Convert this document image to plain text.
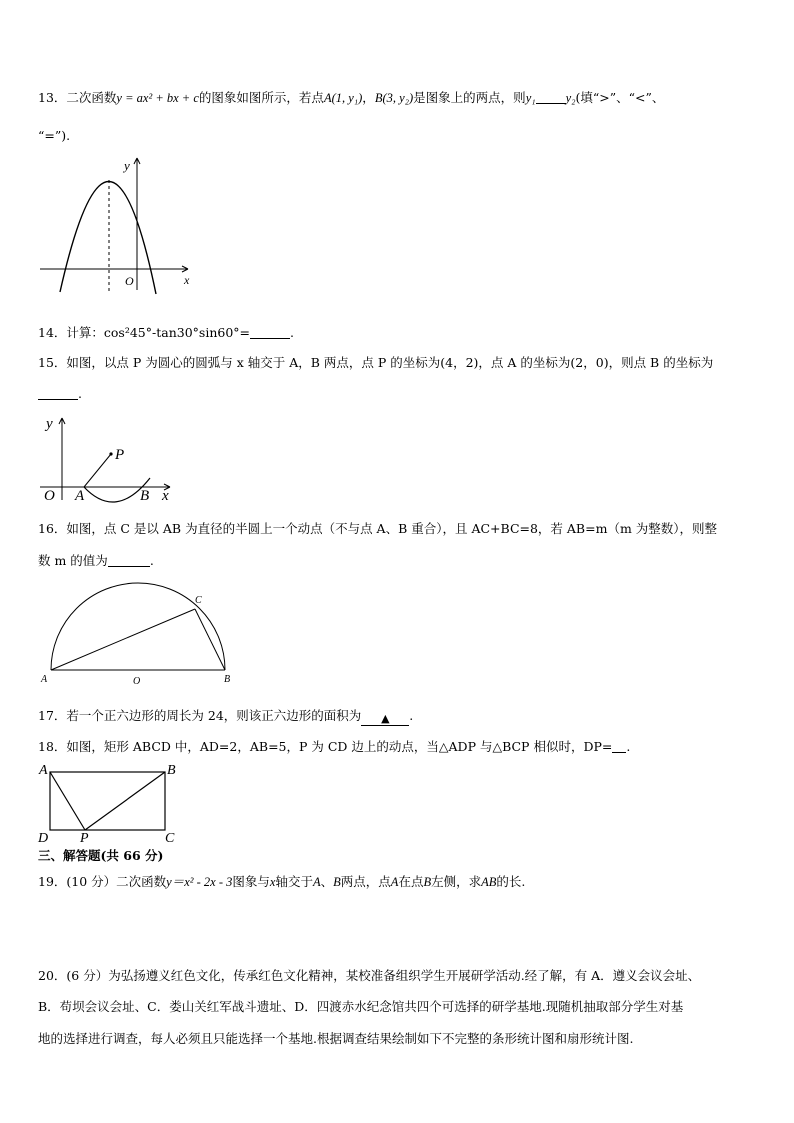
13．二次函数y = ax² + bx + c的图象如图所示，若点A(1, y₁)，B(3, y₂)是图象上的两点，则y₁ y₂(填“>”、“<”、
“=”).
y
x
O
14．计算：cos²45°-tan30°sin60°=	.
15．如图，以点 P 为圆心的圆弧与 x 轴交于 A，B 两点，点 P 的坐标为(4，2)，点 A 的坐标为(2，0)，则点 B 的坐标为
.
y
P
O A	B x
16．如图，点 C 是以 AB 为直径的半圆上一个动点（不与点 A、B 重合），且 AC+BC=8，若 AB=m（m 为整数），则整
数 m 的值为	.
A	O	B
C
17．若一个正六边形的周长为 24，则该正六边形的面积为 ▲ .
18．如图，矩形 ABCD 中，AD=2，AB=5，P 为 CD 边上的动点，当△ADP 与△BCP 相似时，DP= .
A	B
D P	C
三、解答题(共 66 分)
19．(10 分）二次函数y＝x² - 2x - 3图象与x轴交于A、B两点，点A在点B左侧，求AB的长.
20．(6 分）为弘扬遵义红色文化，传承红色文化精神，某校准备组织学生开展研学活动.经了解，有 A．遵义会议会址、
B．苟坝会议会址、C．娄山关红军战斗遗址、D．四渡赤水纪念馆共四个可选择的研学基地.现随机抽取部分学生对基
地的选择进行调查，每人必须且只能选择一个基地.根据调查结果绘制如下不完整的条形统计图和扇形统计图.
